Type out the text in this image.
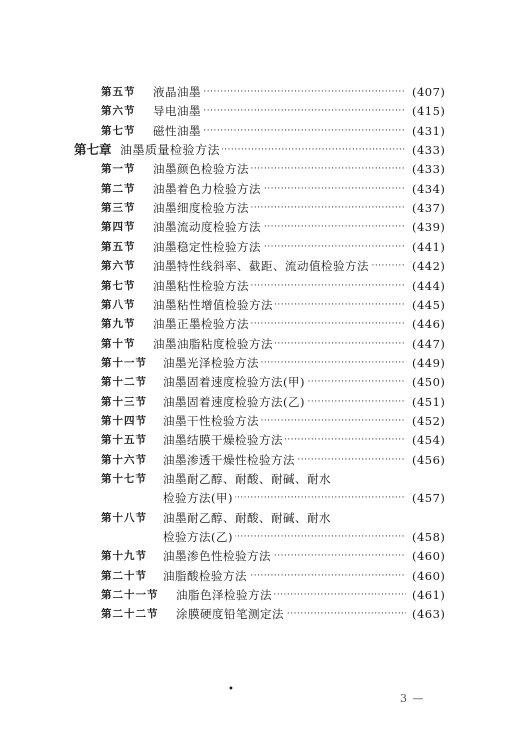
·····
第五节 液晶油墨	(407)
·····
第六节 导电油墨	(415)
·····
第七节 磁性油墨	(431)
·····
第七章 油墨质量检验方法	(433)
·····
第一节 油墨颜色检验方法	(433)
·····
第二节 油墨着色力检验方法	(434)
·····
第三节 油墨细度检验方法	(437)
·····
第四节 油墨流动度检验方法	(439)
·····
第五节 油墨稳定性检验方法	(441)
·····
第六节 油墨特性线斜率、截距、流动值检验方法	(442)
·····
第七节 油墨粘性检验方法	(444)
·····
第八节 油墨粘性增值检验方法	(445)
·····
第九节 油墨正墨检验方法	(446)
·····
第十节 油墨油脂粘度检验方法	(447)
·····
第十一节 油墨光泽检验方法	(449)
·····
第十二节 油墨固着速度检验方法(甲)	(450)
·····
第十三节 油墨固着速度检验方法(乙)	(451)
·····
第十四节 油墨干性检验方法	(452)
·····
第十五节 油墨结膜干燥检验方法	(454)
·····
第十六节 油墨渗透干燥性检验方法	(456)
第十七节 油墨耐乙醇、耐酸、耐碱、耐水
·····
检验方法(甲)	(457)
第十八节 油墨耐乙醇、耐酸、耐碱、耐水
·····
检验方法(乙)	(458)
·····
第十九节 油墨渗色性检验方法	(460)
·····
第二十节 油脂酸检验方法	(460)
·····
第二十一节 油脂色泽检验方法	(461)
·····
第二十二节 涂膜硬度铅笔测定法	(463)
•
3 —
